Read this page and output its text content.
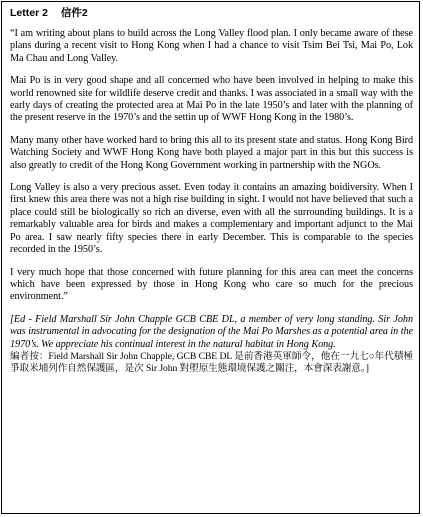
Letter 2 信件2

“I am writing about plans to build across the Long Valley flood plan. I only became aware of these plans during a recent visit to Hong Kong when I had a chance to visit Tsim Bei Tsi, Mai Po, Lok Ma Chau and Long Valley.

Mai Po is in very good shape and all concerned who have been involved in helping to make this world renowned site for wildlife deserve credit and thanks. I was associated in a small way with the early days of creating the protected area at Mai Po in the late 1950’s and later with the planning of the present reserve in the 1970’s and the settin up of WWF Hong Kong in the 1980’s.

Many many other have worked hard to bring this all to its present state and status. Hong Kong Bird Watching Society and WWF Hong Kong have both played a major part in this but this success is also greatly to credit of the Hong Kong Government working in partnership with the NGOs.

Long Valley is also a very precious asset. Even today it contains an amazing boidiversity. When I first knew this area there was not a high rise building in sight. I would not have believed that such a place could still be biologically so rich an diverse, even with all the surrounding buildings. It is a remarkably valuable area for birds and makes a complementary and important adjunct to the Mai Po area. I saw nearly fifty species there in early December. This is comparable to the species recorded in the 1950’s.

I very much hope that those concerned with future planning for this area can meet the concerns which have been expressed by those in Hong Kong who care so much for the precious environment.”

[Ed - Field Marshall Sir John Chapple GCB CBE DL, a member of very long standing. Sir John was instrumental in advocating for the designation of the Mai Po Marshes as a potential area in the 1970’s. We appreciate his continual interest in the natural habitat in Hong Kong.

編者按：Field Marshall Sir John Chapple, GCB CBE DL 是前香港英軍師令，他在一九七○年代積極爭取米埔列作自然保護區，是次 Sir John 對塱原生態環境保護之關注，本會深表謝意。]
